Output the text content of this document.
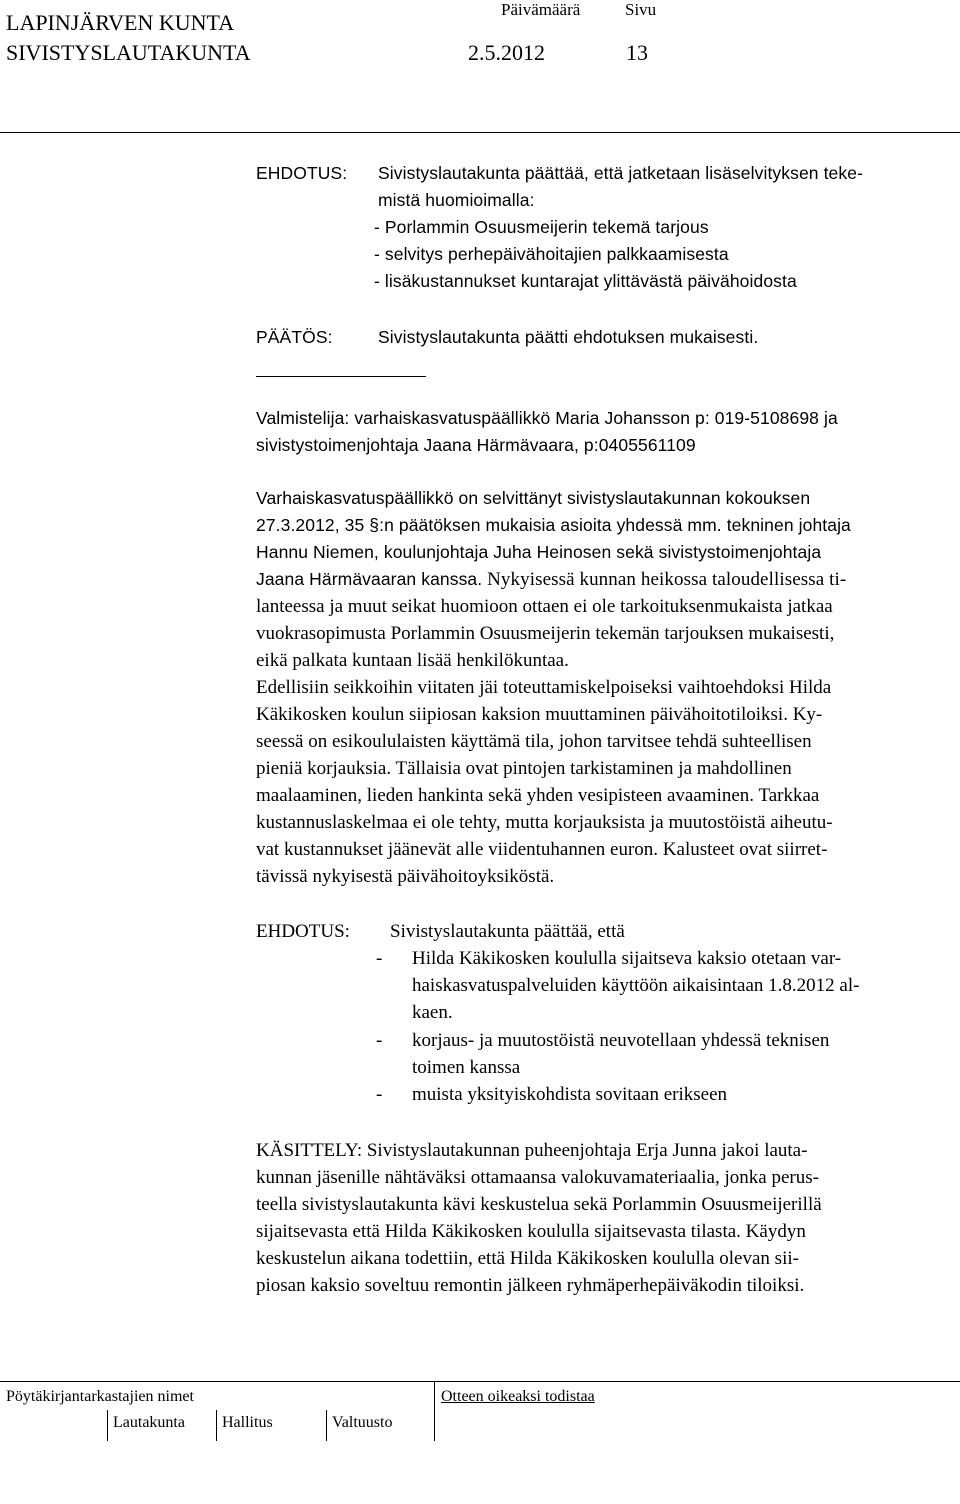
LAPINJÄRVEN KUNTA
SIVISTYSLAUTAKUNTA
Päivämäärä	Sivu
2.5.2012	13
EHDOTUS: Sivistyslautakunta päättää, että jatketaan lisäselvityksen teke-
mistä huomioimalla:
- Porlammin Osuusmeijerin tekemä tarjous
- selvitys perhepäivähoitajien palkkaamisesta
- lisäkustannukset kuntarajat ylittävästä päivähoidosta
PÄÄTÖS:	Sivistyslautakunta päätti ehdotuksen mukaisesti.
Valmistelija: varhaiskasvatuspäällikkö Maria Johansson p: 019-5108698 ja
sivistystoimenjohtaja Jaana Härmävaara, p:0405561109
Varhaiskasvatuspäällikkö on selvittänyt sivistyslautakunnan kokouksen
27.3.2012, 35 §:n päätöksen mukaisia asioita yhdessä mm. tekninen johtaja
Hannu Niemen, koulunjohtaja Juha Heinosen sekä sivistystoimenjohtaja
Jaana Härmävaaran kanssa. Nykyisessä kunnan heikossa taloudellisessa ti-
lanteessa ja muut seikat huomioon ottaen ei ole tarkoituksenmukaista jatkaa
vuokrasopimusta Porlammin Osuusmeijerin tekemän tarjouksen mukaisesti,
eikä palkata kuntaan lisää henkilökuntaa.
Edellisiin seikkoihin viitaten jäi toteuttamiskelpoiseksi vaihtoehdoksi Hilda
Käkikosken koulun siipiosan kaksion muuttaminen päivähoitotiloiksi. Ky-
seessä on esikoululaisten käyttämä tila, johon tarvitsee tehdä suhteellisen
pieniä korjauksia. Tällaisia ovat pintojen tarkistaminen ja mahdollinen
maalaaminen, lieden hankinta sekä yhden vesipisteen avaaminen. Tarkkaa
kustannuslaskelmaa ei ole tehty, mutta korjauksista ja muutostöistä aiheutu-
vat kustannukset jäänevät alle viidentuhannen euron. Kalusteet ovat siirret-
tävissä nykyisestä päivähoitoyksiköstä.
EHDOTUS: Sivistyslautakunta päättää, että
- Hilda Käkikosken koululla sijaitseva kaksio otetaan var-
haiskasvatuspalveluiden käyttöön aikaisintaan 1.8.2012 al-
kaen.
- korjaus- ja muutostöistä neuvotellaan yhdessä teknisen
toimen kanssa
- muista yksityiskohdista sovitaan erikseen
KÄSITTELY: Sivistyslautakunnan puheenjohtaja Erja Junna jakoi lauta-
kunnan jäsenille nähtäväksi ottamaansa valokuvamateriaalia, jonka perus-
teella sivistyslautakunta kävi keskustelua sekä Porlammin Osuusmeijerillä
sijaitsevasta että Hilda Käkikosken koululla sijaitsevasta tilasta. Käydyn
keskustelun aikana todettiin, että Hilda Käkikosken koululla olevan sii-
piosan kaksio soveltuu remontin jälkeen ryhmäperhepäiväkodin tiloiksi.
Pöytäkirjantarkastajien nimet	Otteen oikeaksi todistaa
Lautakunta Hallitus	Valtuusto
